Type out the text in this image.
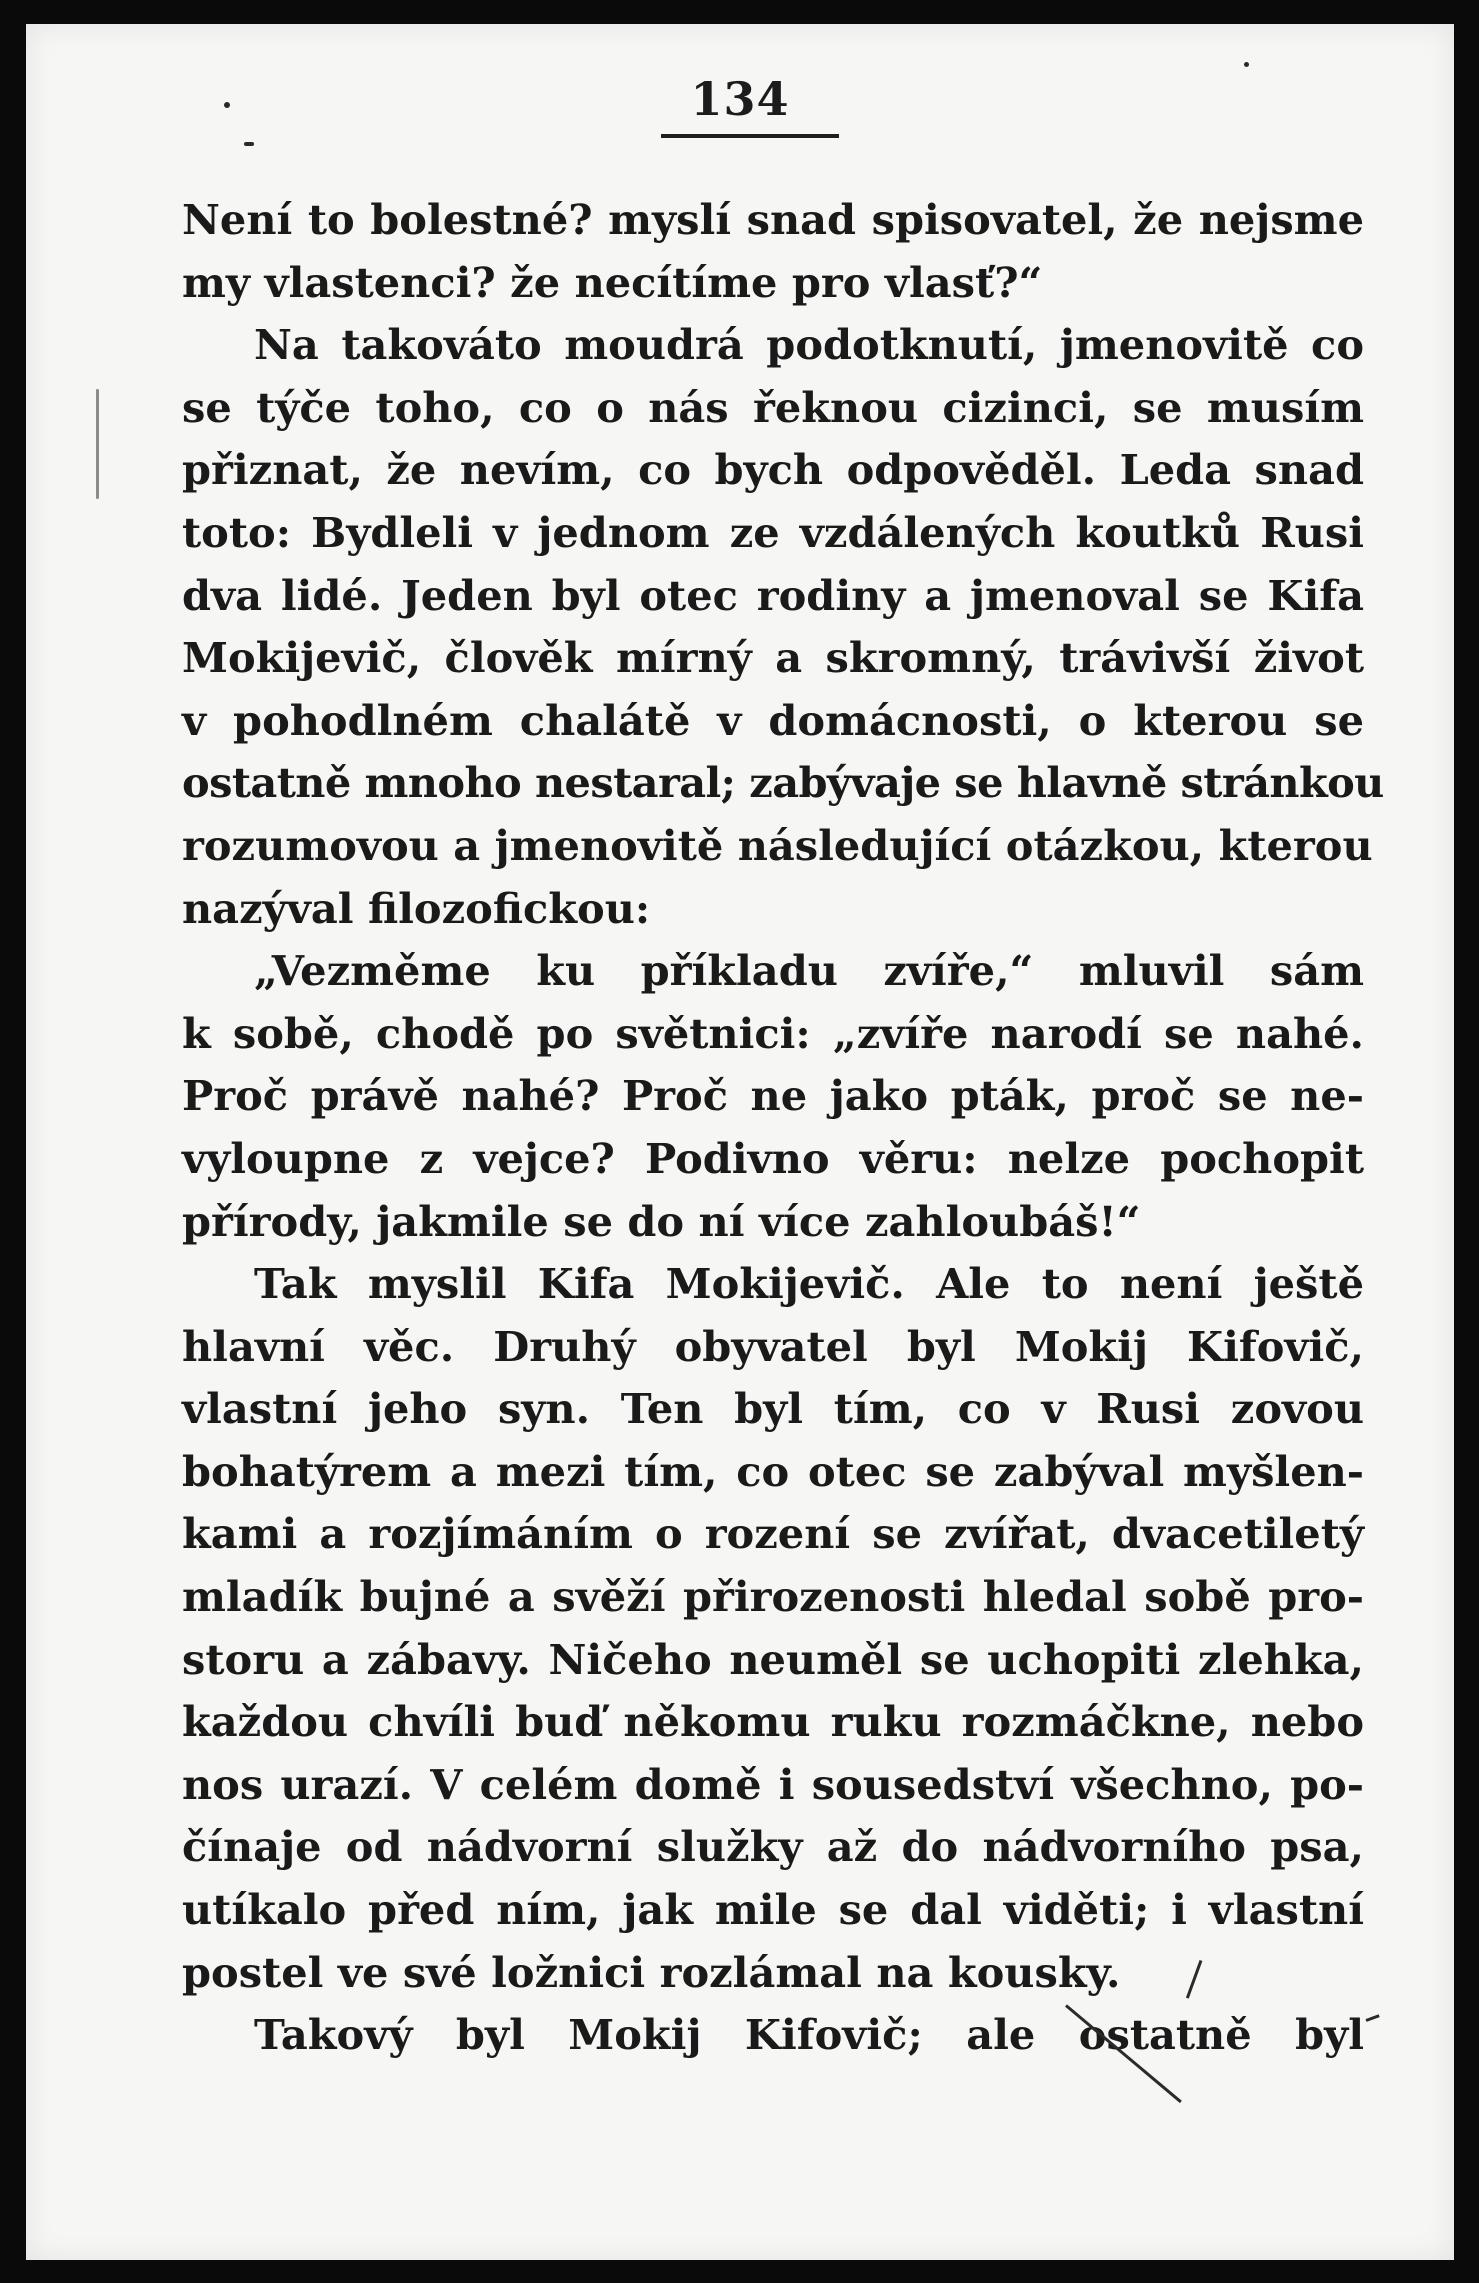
134
Není to bolestné? myslí snad spisovatel, že nejsme
my vlastenci? že necítíme pro vlasť?“
Na takováto moudrá podotknutí, jmenovitě co
se týče toho, co o nás řeknou cizinci, se musím
přiznat, že nevím, co bych odpověděl. Leda snad
toto: Bydleli v jednom ze vzdálených koutků Rusi
dva lidé. Jeden byl otec rodiny a jmenoval se Kifa
Mokijevič, člověk mírný a skromný, trávivší život
v pohodlném chalátě v domácnosti, o kterou se
ostatně mnoho nestaral; zabývaje se hlavně stránkou
rozumovou a jmenovitě následující otázkou, kterou
nazýval filozofickou:
„Vezměme ku příkladu zvíře,“ mluvil sám
k sobě, chodě po světnici: „zvíře narodí se nahé.
Proč právě nahé? Proč ne jako pták, proč se ne-
vyloupne z vejce? Podivno věru: nelze pochopit
přírody, jakmile se do ní více zahloubáš!“
Tak myslil Kifa Mokijevič. Ale to není ještě
hlavní věc. Druhý obyvatel byl Mokij Kifovič,
vlastní jeho syn. Ten byl tím, co v Rusi zovou
bohatýrem a mezi tím, co otec se zabýval myšlen-
kami a rozjímáním o rození se zvířat, dvacetiletý
mladík bujné a svěží přirozenosti hledal sobě pro-
storu a zábavy. Ničeho neuměl se uchopiti zlehka,
každou chvíli buď někomu ruku rozmáčkne, nebo
nos urazí. V celém domě i sousedství všechno, po-
čínaje od nádvorní služky až do nádvorního psa,
utíkalo před ním, jak mile se dal viděti; i vlastní
postel ve své ložnici rozlámal na kousky.
Takový byl Mokij Kifovič; ale ostatně byl
